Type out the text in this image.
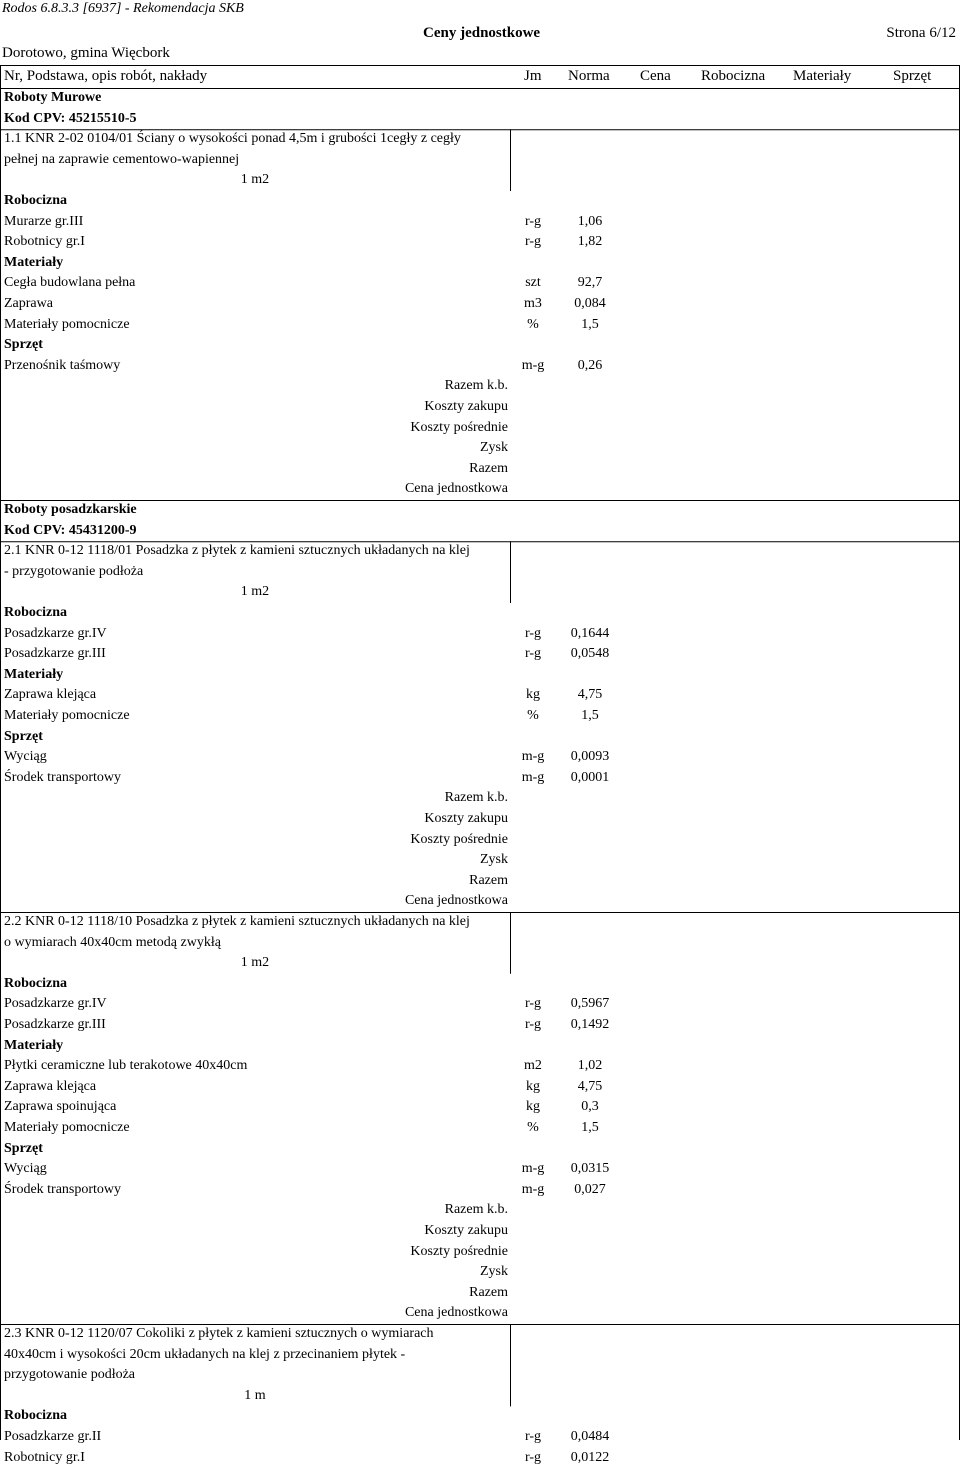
Rodos 6.8.3.3 [6937] - Rekomendacja SKB
Ceny jednostkowe	Strona 6/12
Dorotowo, gmina Więcbork
Nr, Podstawa, opis robót, nakłady	Jm Norma Cena Robocizna Materiały	Sprzęt
Roboty Murowe
Kod CPV: 45215510-5
1.1 KNR 2-02 0104/01 Ściany o wysokości ponad 4,5m i grubości 1cegły z cegły
pełnej na zaprawie cementowo-wapiennej
1 m2
Robocizna
Murarze gr.III	r-g	1,06
Robotnicy gr.I	r-g	1,82
Materiały
Cegła budowlana pełna	szt	92,7
Zaprawa	m3	0,084
Materiały pomocnicze	%	1,5
Sprzęt
Przenośnik taśmowy	m-g	0,26
Razem k.b.
Koszty zakupu
Koszty pośrednie
Zysk
Razem
Cena jednostkowa
Roboty posadzkarskie
Kod CPV: 45431200-9
2.1 KNR 0-12 1118/01 Posadzka z płytek z kamieni sztucznych układanych na klej
- przygotowanie podłoża
1 m2
Robocizna
Posadzkarze gr.IV	r-g	0,1644
Posadzkarze gr.III	r-g	0,0548
Materiały
Zaprawa klejąca	kg	4,75
Materiały pomocnicze	%	1,5
Sprzęt
Wyciąg	m-g	0,0093
Środek transportowy	m-g	0,0001
Razem k.b.
Koszty zakupu
Koszty pośrednie
Zysk
Razem
Cena jednostkowa
2.2 KNR 0-12 1118/10 Posadzka z płytek z kamieni sztucznych układanych na klej
o wymiarach 40x40cm metodą zwykłą
1 m2
Robocizna
Posadzkarze gr.IV	r-g	0,5967
Posadzkarze gr.III	r-g	0,1492
Materiały
Płytki ceramiczne lub terakotowe 40x40cm	m2	1,02
Zaprawa klejąca	kg	4,75
Zaprawa spoinująca	kg	0,3
Materiały pomocnicze	%	1,5
Sprzęt
Wyciąg	m-g	0,0315
Środek transportowy	m-g	0,027
Razem k.b.
Koszty zakupu
Koszty pośrednie
Zysk
Razem
Cena jednostkowa
2.3 KNR 0-12 1120/07 Cokoliki z płytek z kamieni sztucznych o wymiarach
40x40cm i wysokości 20cm układanych na klej z przecinaniem płytek -
przygotowanie podłoża
1 m
Robocizna
Posadzkarze gr.II	r-g	0,0484
Robotnicy gr.I	r-g	0,0122
